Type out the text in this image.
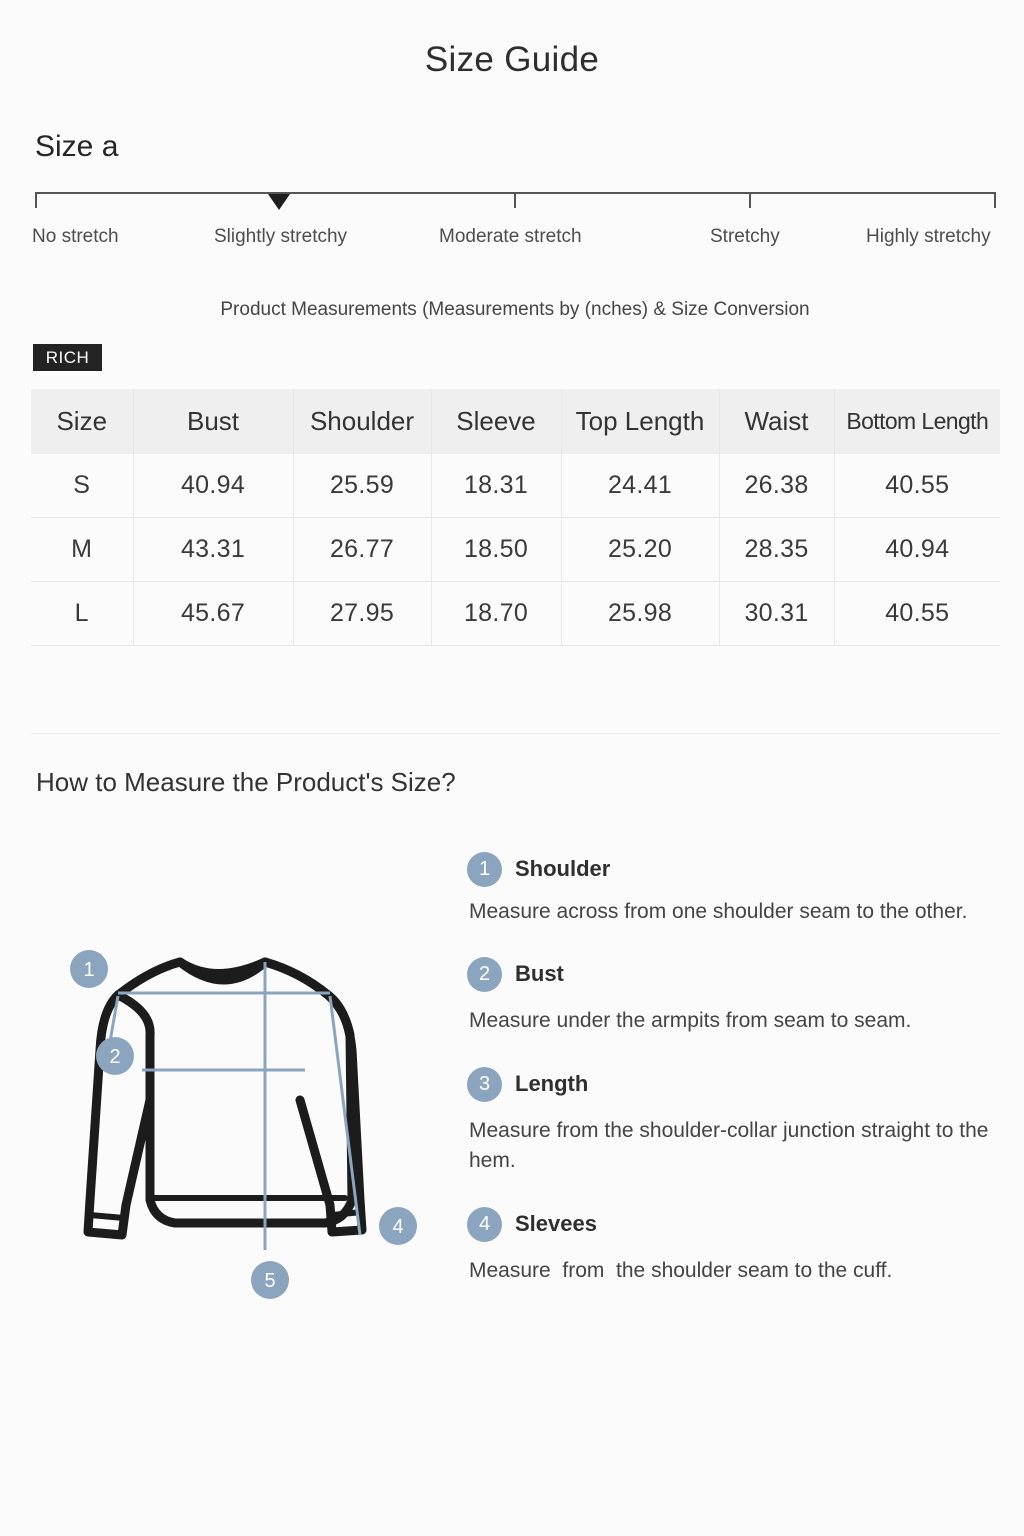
Size Guide
Size a
No stretch	Slightly stretchy	Moderate stretch	Stretchy	Highly stretchy
Product Measurements (Measurements by (nches) & Size Conversion
RICH
Size	Bust	Shoulder	Sleeve	Top Length	Waist	Bottom Length
S	40.94	25.59	18.31	24.41	26.38	40.55
M	43.31	26.77	18.50	25.20	28.35	40.94
L	45.67	27.95	18.70	25.98	30.31	40.55
How to Measure the Product's Size?
1
2
4
5
1	Shoulder
Measure across from one shoulder seam to the other.
2	Bust
Measure under the armpits from seam to seam.
3	Length
Measure from the shoulder-collar junction straight to the hem.
4	Slevees
Measure  from  the shoulder seam to the cuff.
